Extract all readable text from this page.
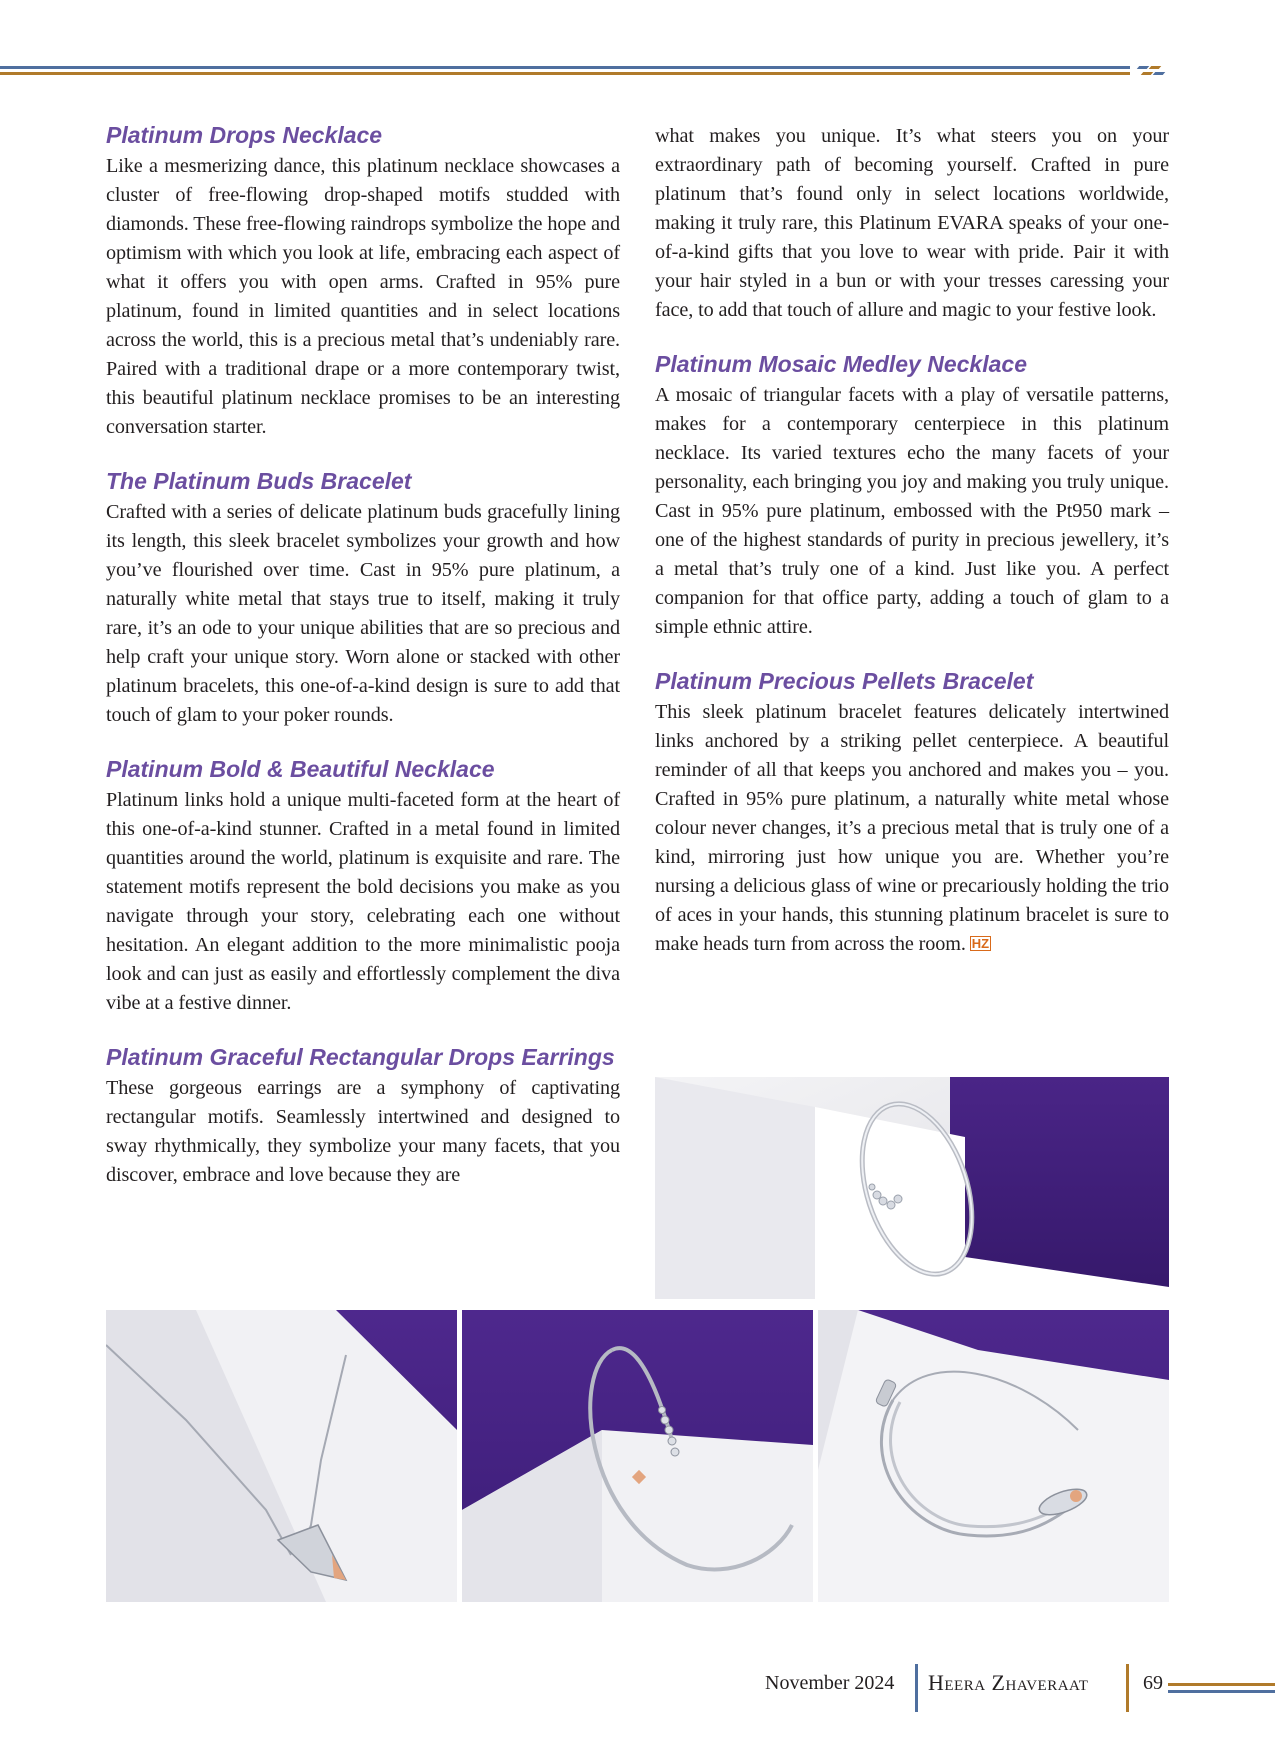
Platinum Drops Necklace

Like a mesmerizing dance, this platinum necklace showcases a cluster of free-flowing drop-shaped motifs studded with diamonds. These free-flowing raindrops symbolize the hope and optimism with which you look at life, embracing each aspect of what it offers you with open arms. Crafted in 95% pure platinum, found in limited quantities and in select locations across the world, this is a precious metal that’s undeniably rare. Paired with a traditional drape or a more contemporary twist, this beautiful platinum necklace promises to be an interesting conversation starter.

The Platinum Buds Bracelet

Crafted with a series of delicate platinum buds gracefully lining its length, this sleek bracelet symbolizes your growth and how you’ve flourished over time. Cast in 95% pure platinum, a naturally white metal that stays true to itself, making it truly rare, it’s an ode to your unique abilities that are so precious and help craft your unique story. Worn alone or stacked with other platinum bracelets, this one-of-a-kind design is sure to add that touch of glam to your poker rounds.

Platinum Bold & Beautiful Necklace

Platinum links hold a unique multi-faceted form at the heart of this one-of-a-kind stunner. Crafted in a metal found in limited quantities around the world, platinum is exquisite and rare. The statement motifs represent the bold decisions you make as you navigate through your story, celebrating each one without hesitation. An elegant addition to the more minimalistic pooja look and can just as easily and effortlessly complement the diva vibe at a festive dinner.

Platinum Graceful Rectangular Drops Earrings

These gorgeous earrings are a symphony of captivating rectangular motifs. Seamlessly intertwined and designed to sway rhythmically, they symbolize your many facets, that you discover, embrace and love because they are

what makes you unique. It’s what steers you on your extraordinary path of becoming yourself. Crafted in pure platinum that’s found only in select locations worldwide, making it truly rare, this Platinum EVARA speaks of your one-of-a-kind gifts that you love to wear with pride. Pair it with your hair styled in a bun or with your tresses caressing your face, to add that touch of allure and magic to your festive look.

Platinum Mosaic Medley Necklace

A mosaic of triangular facets with a play of versatile patterns, makes for a contemporary centerpiece in this platinum necklace. Its varied textures echo the many facets of your personality, each bringing you joy and making you truly unique. Cast in 95% pure platinum, embossed with the Pt950 mark – one of the highest standards of purity in precious jewellery, it’s a metal that’s truly one of a kind. Just like you. A perfect companion for that office party, adding a touch of glam to a simple ethnic attire.

Platinum Precious Pellets Bracelet

This sleek platinum bracelet features delicately intertwined links anchored by a striking pellet centerpiece. A beautiful reminder of all that keeps you anchored and makes you – you. Crafted in 95% pure platinum, a naturally white metal whose colour never changes, it’s a precious metal that is truly one of a kind, mirroring just how unique you are. Whether you’re nursing a delicious glass of wine or precariously holding the trio of aces in your hands, this stunning platinum bracelet is sure to make heads turn from across the room. HZ

November 2024 Heera Zhaveraat	69
